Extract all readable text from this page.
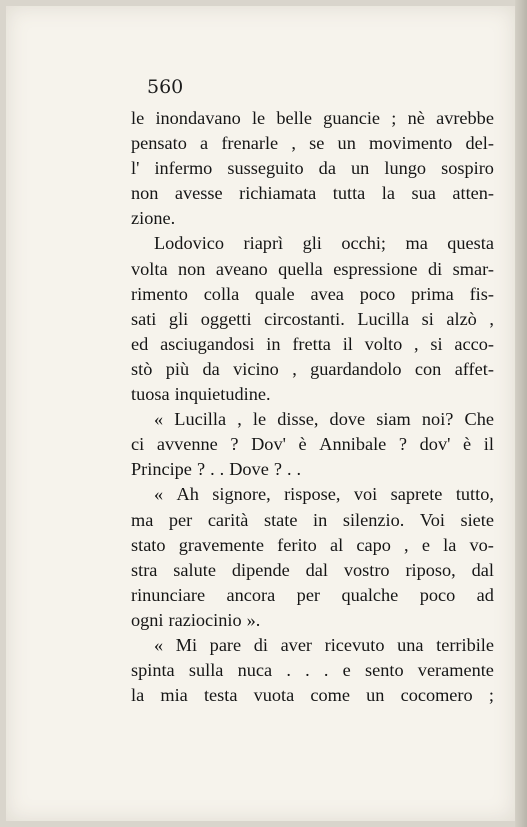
560

le inondavano le belle guancie ; nè avrebbe
pensato a frenarle , se un movimento del-
l' infermo susseguito da un lungo sospiro
non avesse richiamata tutta la sua atten-
zione.
Lodovico riaprì gli occhi; ma questa
volta non aveano quella espressione di smar-
rimento colla quale avea poco prima fis-
sati gli oggetti circostanti. Lucilla si alzò ,
ed asciugandosi in fretta il volto , si acco-
stò più da vicino , guardandolo con affet-
tuosa inquietudine.
« Lucilla , le disse, dove siam noi? Che
ci avvenne ? Dov' è Annibale ? dov' è il
Principe ? . . Dove ? . .
« Ah signore, rispose, voi saprete tutto,
ma per carità state in silenzio. Voi siete
stato gravemente ferito al capo , e la vo-
stra salute dipende dal vostro riposo, dal
rinunciare ancora per qualche poco ad
ogni raziocinio ».
« Mi pare di aver ricevuto una terribile
spinta sulla nuca . . . e sento veramente
la mia testa vuota come un cocomero ;
